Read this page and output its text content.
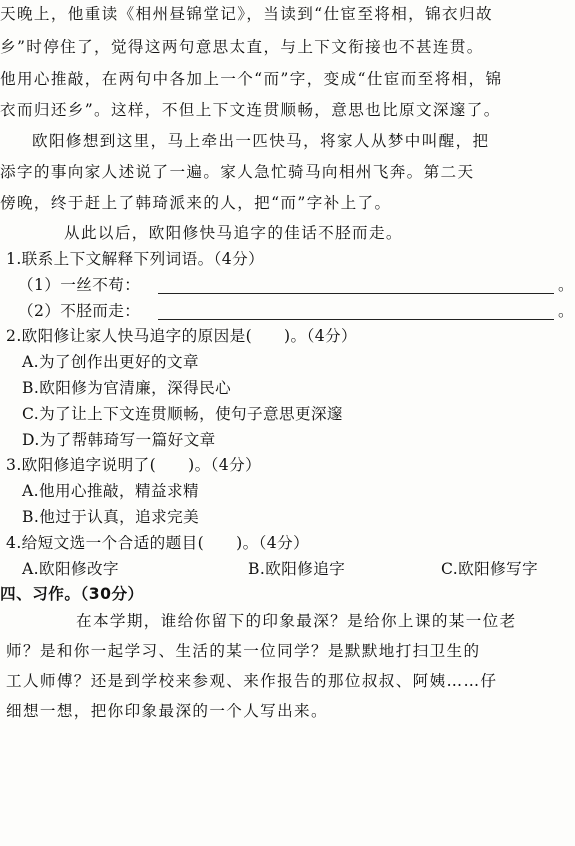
天晚上，他重读《相州昼锦堂记》，当读到“仕宦至将相，锦衣归故
乡”时停住了，觉得这两句意思太直，与上下文衔接也不甚连贯。
他用心推敲，在两句中各加上一个“而”字，变成“仕宦而至将相，锦
衣而归还乡”。这样，不但上下文连贯顺畅，意思也比原文深邃了。
欧阳修想到这里，马上牵出一匹快马，将家人从梦中叫醒，把
添字的事向家人述说了一遍。家人急忙骑马向相州飞奔。第二天
傍晚，终于赶上了韩琦派来的人，把“而”字补上了。
从此以后，欧阳修快马追字的佳话不胫而走。
1.联系上下文解释下列词语。（4分）
（1）一丝不苟：	。
（2）不胫而走：	。
2.欧阳修让家人快马追字的原因是(　　)。（4分）
A.为了创作出更好的文章
B.欧阳修为官清廉，深得民心
C.为了让上下文连贯顺畅，使句子意思更深邃
D.为了帮韩琦写一篇好文章
3.欧阳修追字说明了(　　)。（4分）
A.他用心推敲，精益求精
B.他过于认真，追求完美
4.给短文选一个合适的题目(　　)。（4分）
A.欧阳修改字	B.欧阳修追字	C.欧阳修写字
四、习作。（30分）
在本学期，谁给你留下的印象最深？是给你上课的某一位老
师？是和你一起学习、生活的某一位同学？是默默地打扫卫生的
工人师傅？还是到学校来参观、来作报告的那位叔叔、阿姨……仔
细想一想，把你印象最深的一个人写出来。
